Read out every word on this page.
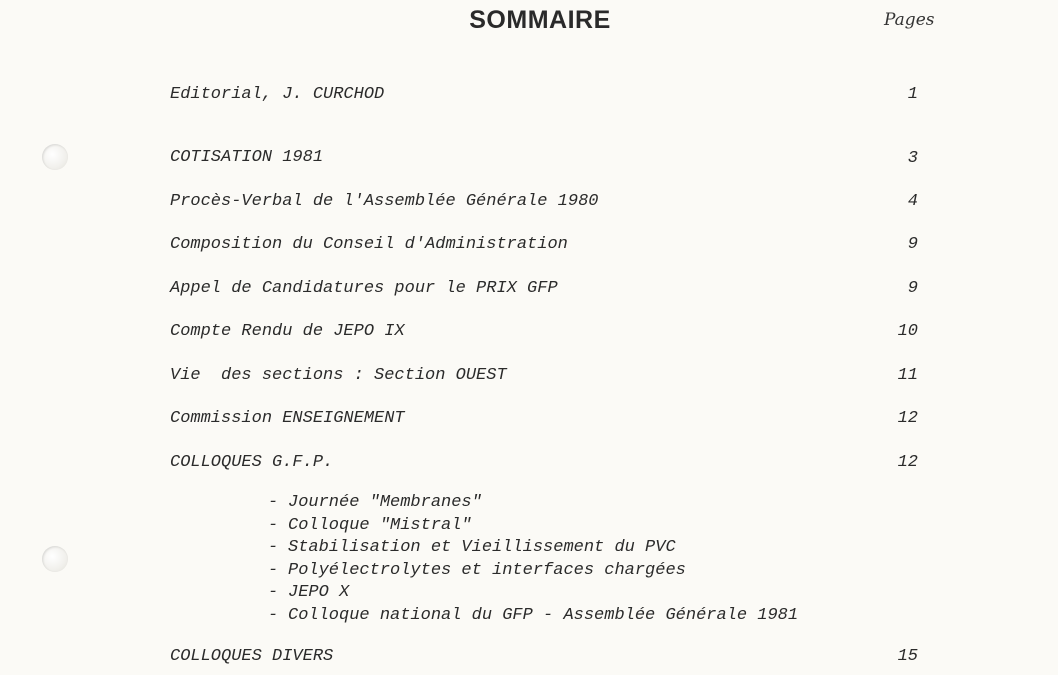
SOMMAIRE	Pages
Editorial, J. CURCHOD	1
COTISATION 1981	3
Procès-Verbal de l'Assemblée Générale 1980	4
Composition du Conseil d'Administration	9
Appel de Candidatures pour le PRIX GFP	9
Compte Rendu de JEPO IX	10
Vie  des sections : Section OUEST	11
Commission ENSEIGNEMENT	12
COLLOQUES G.F.P.	12
- Journée "Membranes"
- Colloque "Mistral"
- Stabilisation et Vieillissement du PVC
- Polyélectrolytes et interfaces chargées
- JEPO X
- Colloque national du GFP - Assemblée Générale 1981
COLLOQUES DIVERS	15
